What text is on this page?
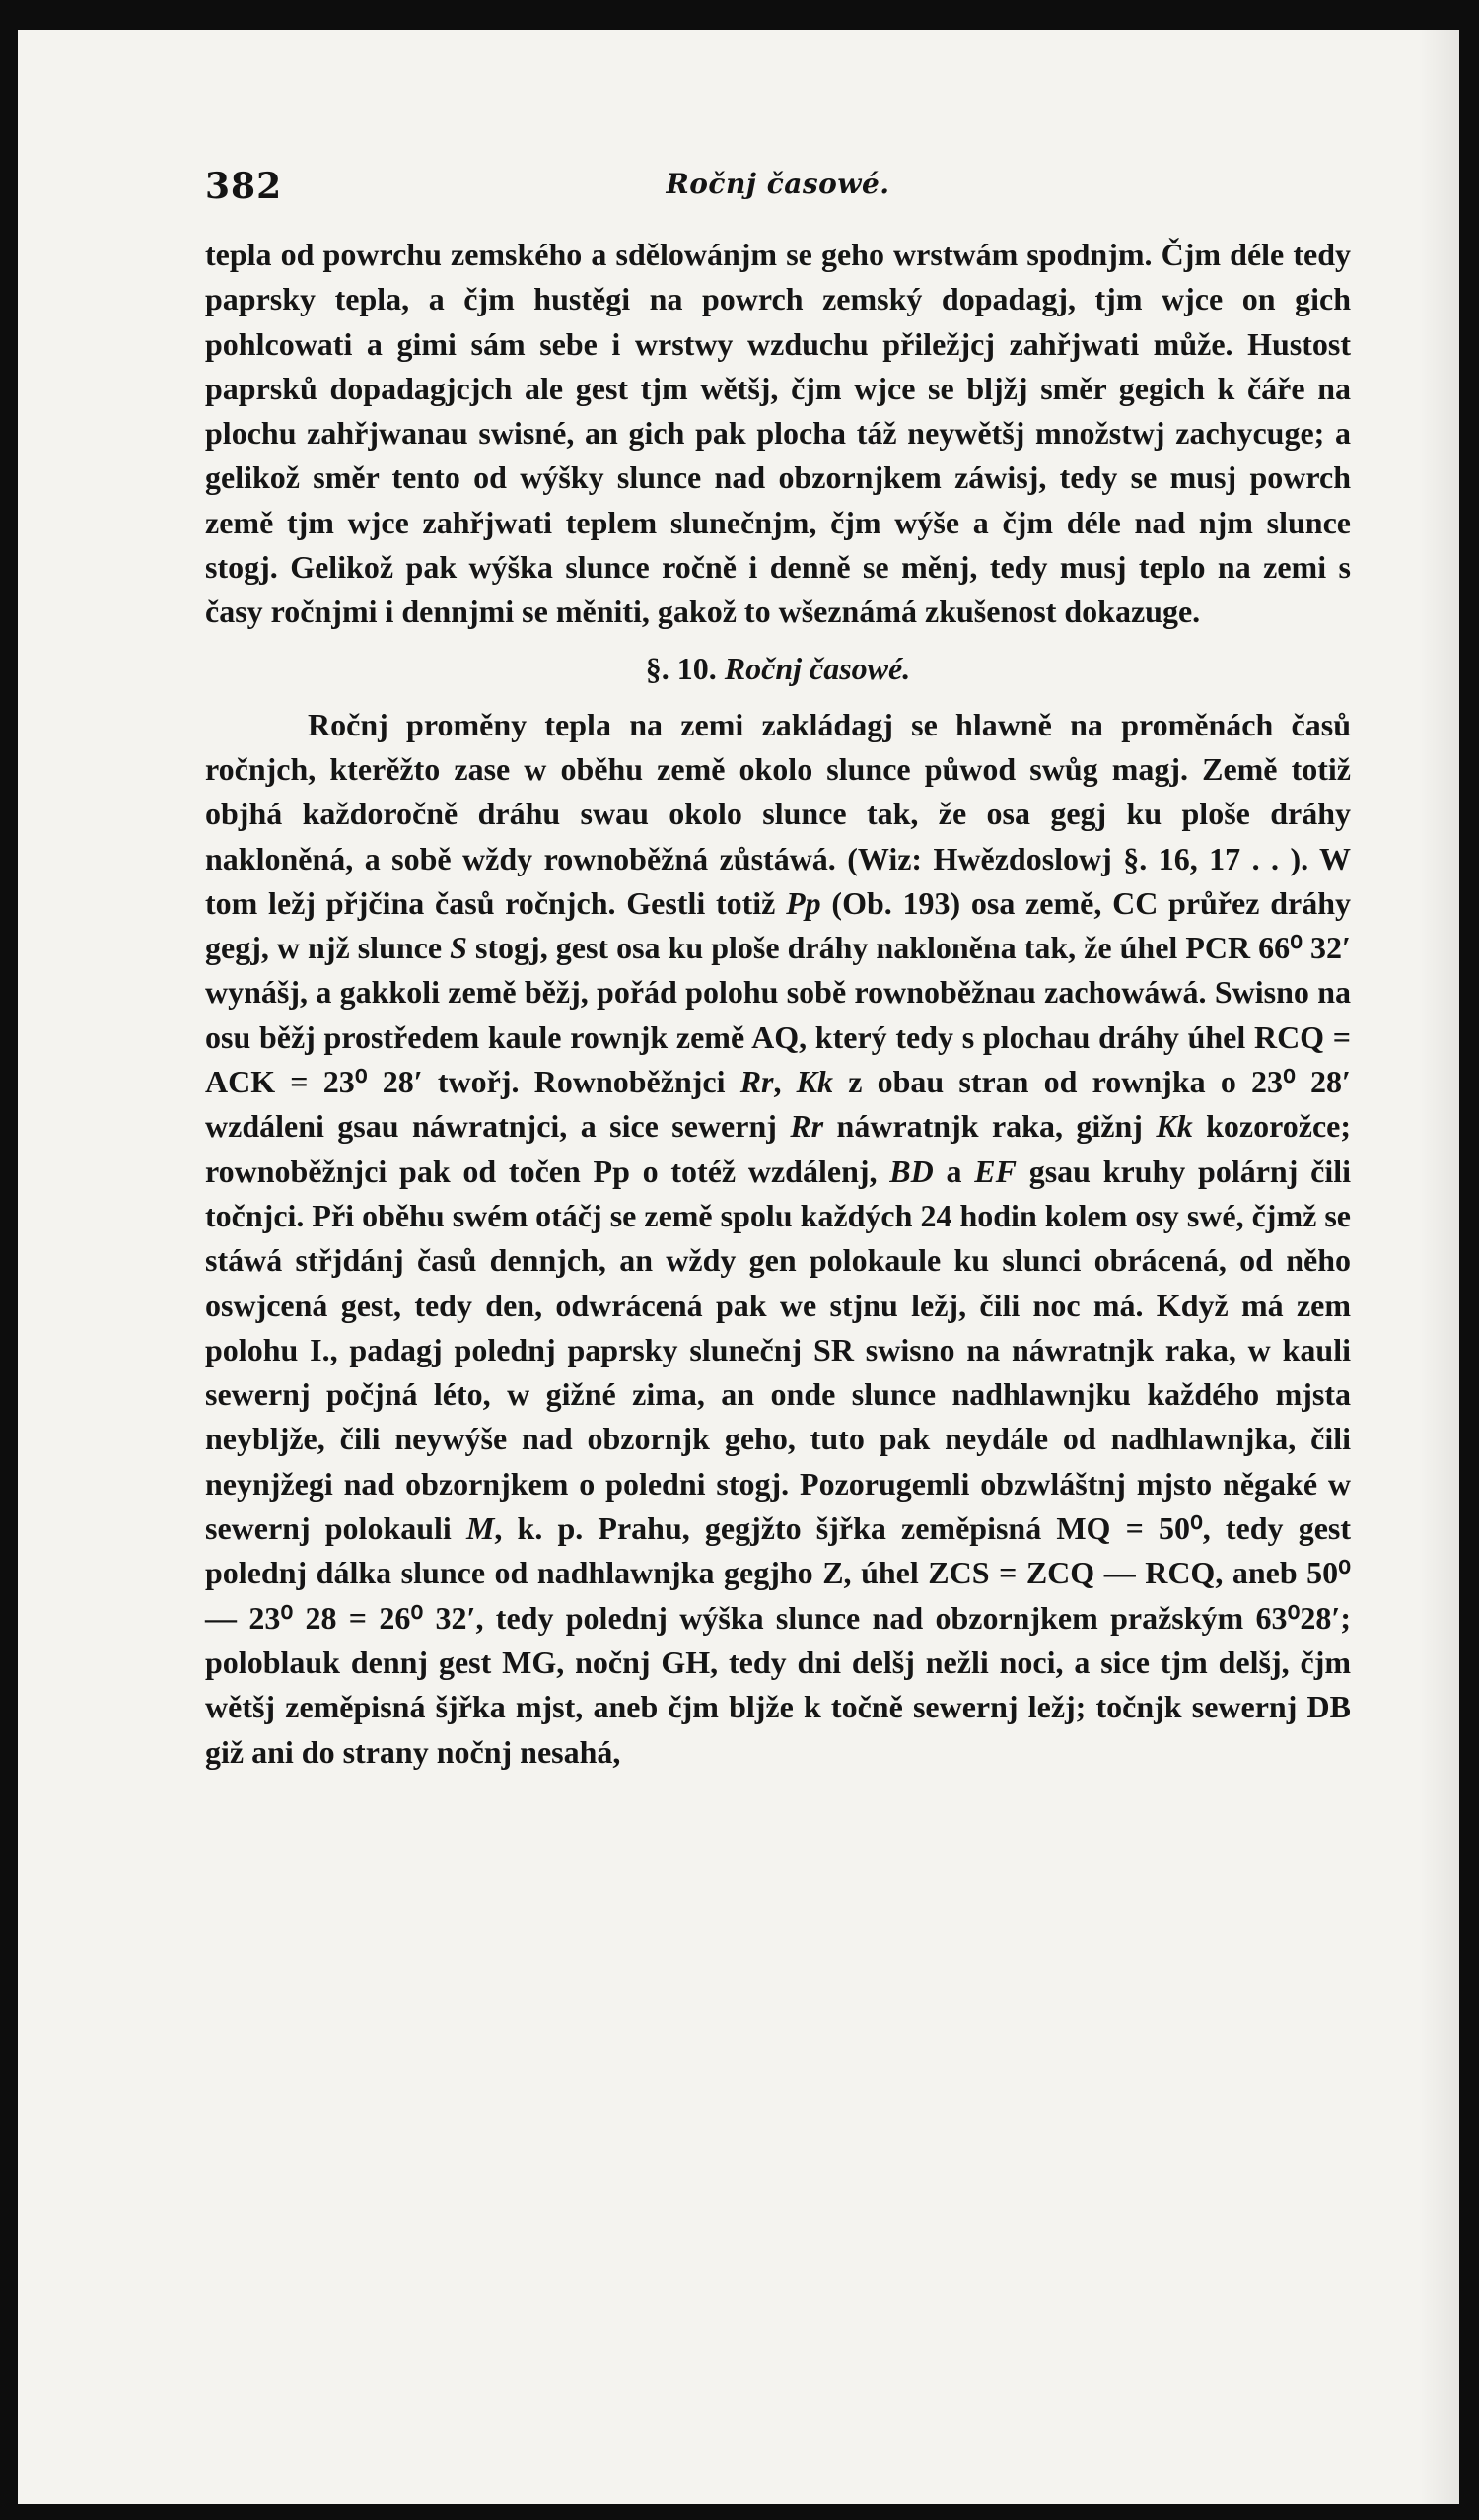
382	Ročnj časowé.

tepla od powrchu zemského a sdělowánjm se geho wrstwám spodnjm. Čjm déle tedy paprsky tepla, a čjm hustěgi na powrch zemský dopadagj, tjm wjce on gich pohlcowati a gimi sám sebe i wrstwy wzduchu přiležjcj zahřjwati může. Hustost paprsků dopadagjcjch ale gest tjm wětšj, čjm wjce se bljžj směr gegich k čáře na plochu zahřjwanau swisné, an gich pak plocha táž neywětšj množstwj zachycuge; a gelikož směr tento od wýšky slunce nad obzornjkem záwisj, tedy se musj powrch země tjm wjce zahřjwati teplem slunečnjm, čjm wýše a čjm déle nad njm slunce stogj. Gelikož pak wýška slunce ročně i denně se měnj, tedy musj teplo na zemi s časy ročnjmi i dennjmi se měniti, gakož to wšeznámá zkušenost dokazuge.

§. 10. Ročnj časowé.

Ročnj proměny tepla na zemi zakládagj se hlawně na proměnách časů ročnjch, kterěžto zase w oběhu země okolo slunce půwod swůg magj. Země totiž objhá každoročně dráhu swau okolo slunce tak, že osa gegj ku ploše dráhy nakloněná, a sobě wždy rownoběžná zůstáwá. (Wiz: Hwězdoslowj §. 16, 17 . . ). W tom ležj přjčina časů ročnjch. Gestli totiž Pp (Ob. 193) osa země, CC průřez dráhy gegj, w njž slunce S stogj, gest osa ku ploše dráhy nakloněna tak, že úhel PCR 66⁰ 32′ wynášj, a gakkoli země běžj, pořád polohu sobě rownoběžnau zachowáwá. Swisno na osu běžj prostředem kaule rownjk země AQ, který tedy s plochau dráhy úhel RCQ = ACK = 23⁰ 28′ twořj. Rownoběžnjci Rr, Kk z obau stran od rownjka o 23⁰ 28′ wzdáleni gsau náwratnjci, a sice sewernj Rr náwratnjk raka, gižnj Kk kozorožce; rownoběžnjci pak od točen Pp o totéž wzdálenj, BD a EF gsau kruhy polárnj čili točnjci. Při oběhu swém otáčj se země spolu každých 24 hodin kolem osy swé, čjmž se stáwá střjdánj časů dennjch, an wždy gen polokaule ku slunci obrácená, od něho oswjcená gest, tedy den, odwrácená pak we stjnu ležj, čili noc má. Když má zem polohu I., padagj polednj paprsky slunečnj SR swisno na náwratnjk raka, w kauli sewernj počjná léto, w gižné zima, an onde slunce nadhlawnjku každého mjsta neybljže, čili neywýše nad obzornjk geho, tuto pak neydále od nadhlawnjka, čili neynjžegi nad obzornjkem o poledni stogj. Pozorugemli obzwláštnj mjsto něgaké w sewernj polokauli M, k. p. Prahu, gegjžto šjřka zeměpisná MQ = 50⁰, tedy gest polednj dálka slunce od nadhlawnjka gegjho Z, úhel ZCS = ZCQ — RCQ, aneb 50⁰ — 23⁰ 28 = 26⁰ 32′, tedy polednj wýška slunce nad obzornjkem pražským 63⁰28′; poloblauk dennj gest MG, nočnj GH, tedy dni delšj nežli noci, a sice tjm delšj, čjm wětšj zeměpisná šjřka mjst, aneb čjm bljže k točně sewernj ležj; točnjk sewernj DB giž ani do strany nočnj nesahá,
